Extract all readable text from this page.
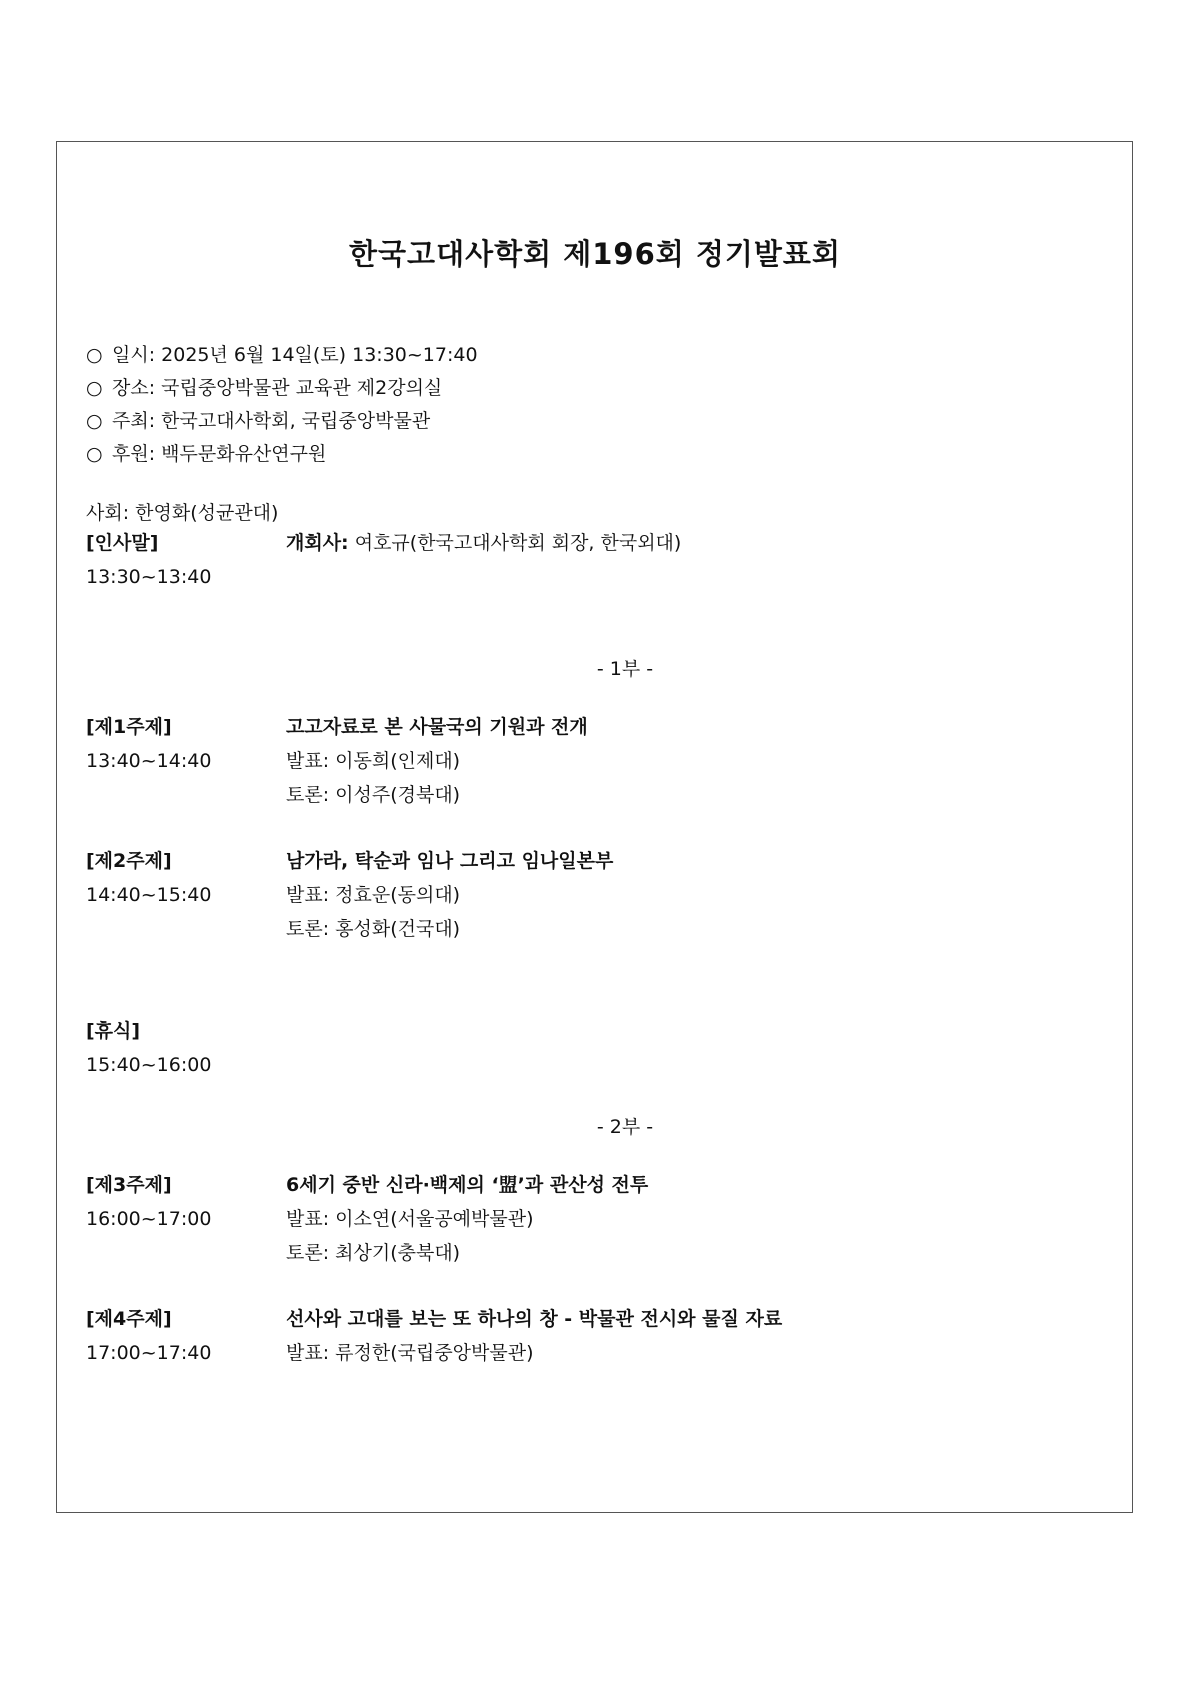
한국고대사학회 제196회 정기발표회
○ 일시: 2025년 6월 14일(토) 13:30~17:40
○ 장소: 국립중앙박물관 교육관 제2강의실
○ 주최: 한국고대사학회, 국립중앙박물관
○ 후원: 백두문화유산연구원
사회: 한영화(성균관대)
[인사말]
13:30~13:40
개회사: 여호규(한국고대사학회 회장, 한국외대)
- 1부 -
[제1주제]
13:40~14:40
고고자료로 본 사물국의 기원과 전개
발표: 이동희(인제대)
토론: 이성주(경북대)
[제2주제]
14:40~15:40
남가라, 탁순과 임나 그리고 임나일본부
발표: 정효운(동의대)
토론: 홍성화(건국대)
[휴식]
15:40~16:00
- 2부 -
[제3주제]
16:00~17:00
6세기 중반 신라·백제의 ‘盟’과 관산성 전투
발표: 이소연(서울공예박물관)
토론: 최상기(충북대)
[제4주제]
17:00~17:40
선사와 고대를 보는 또 하나의 창 - 박물관 전시와 물질 자료
발표: 류정한(국립중앙박물관)
